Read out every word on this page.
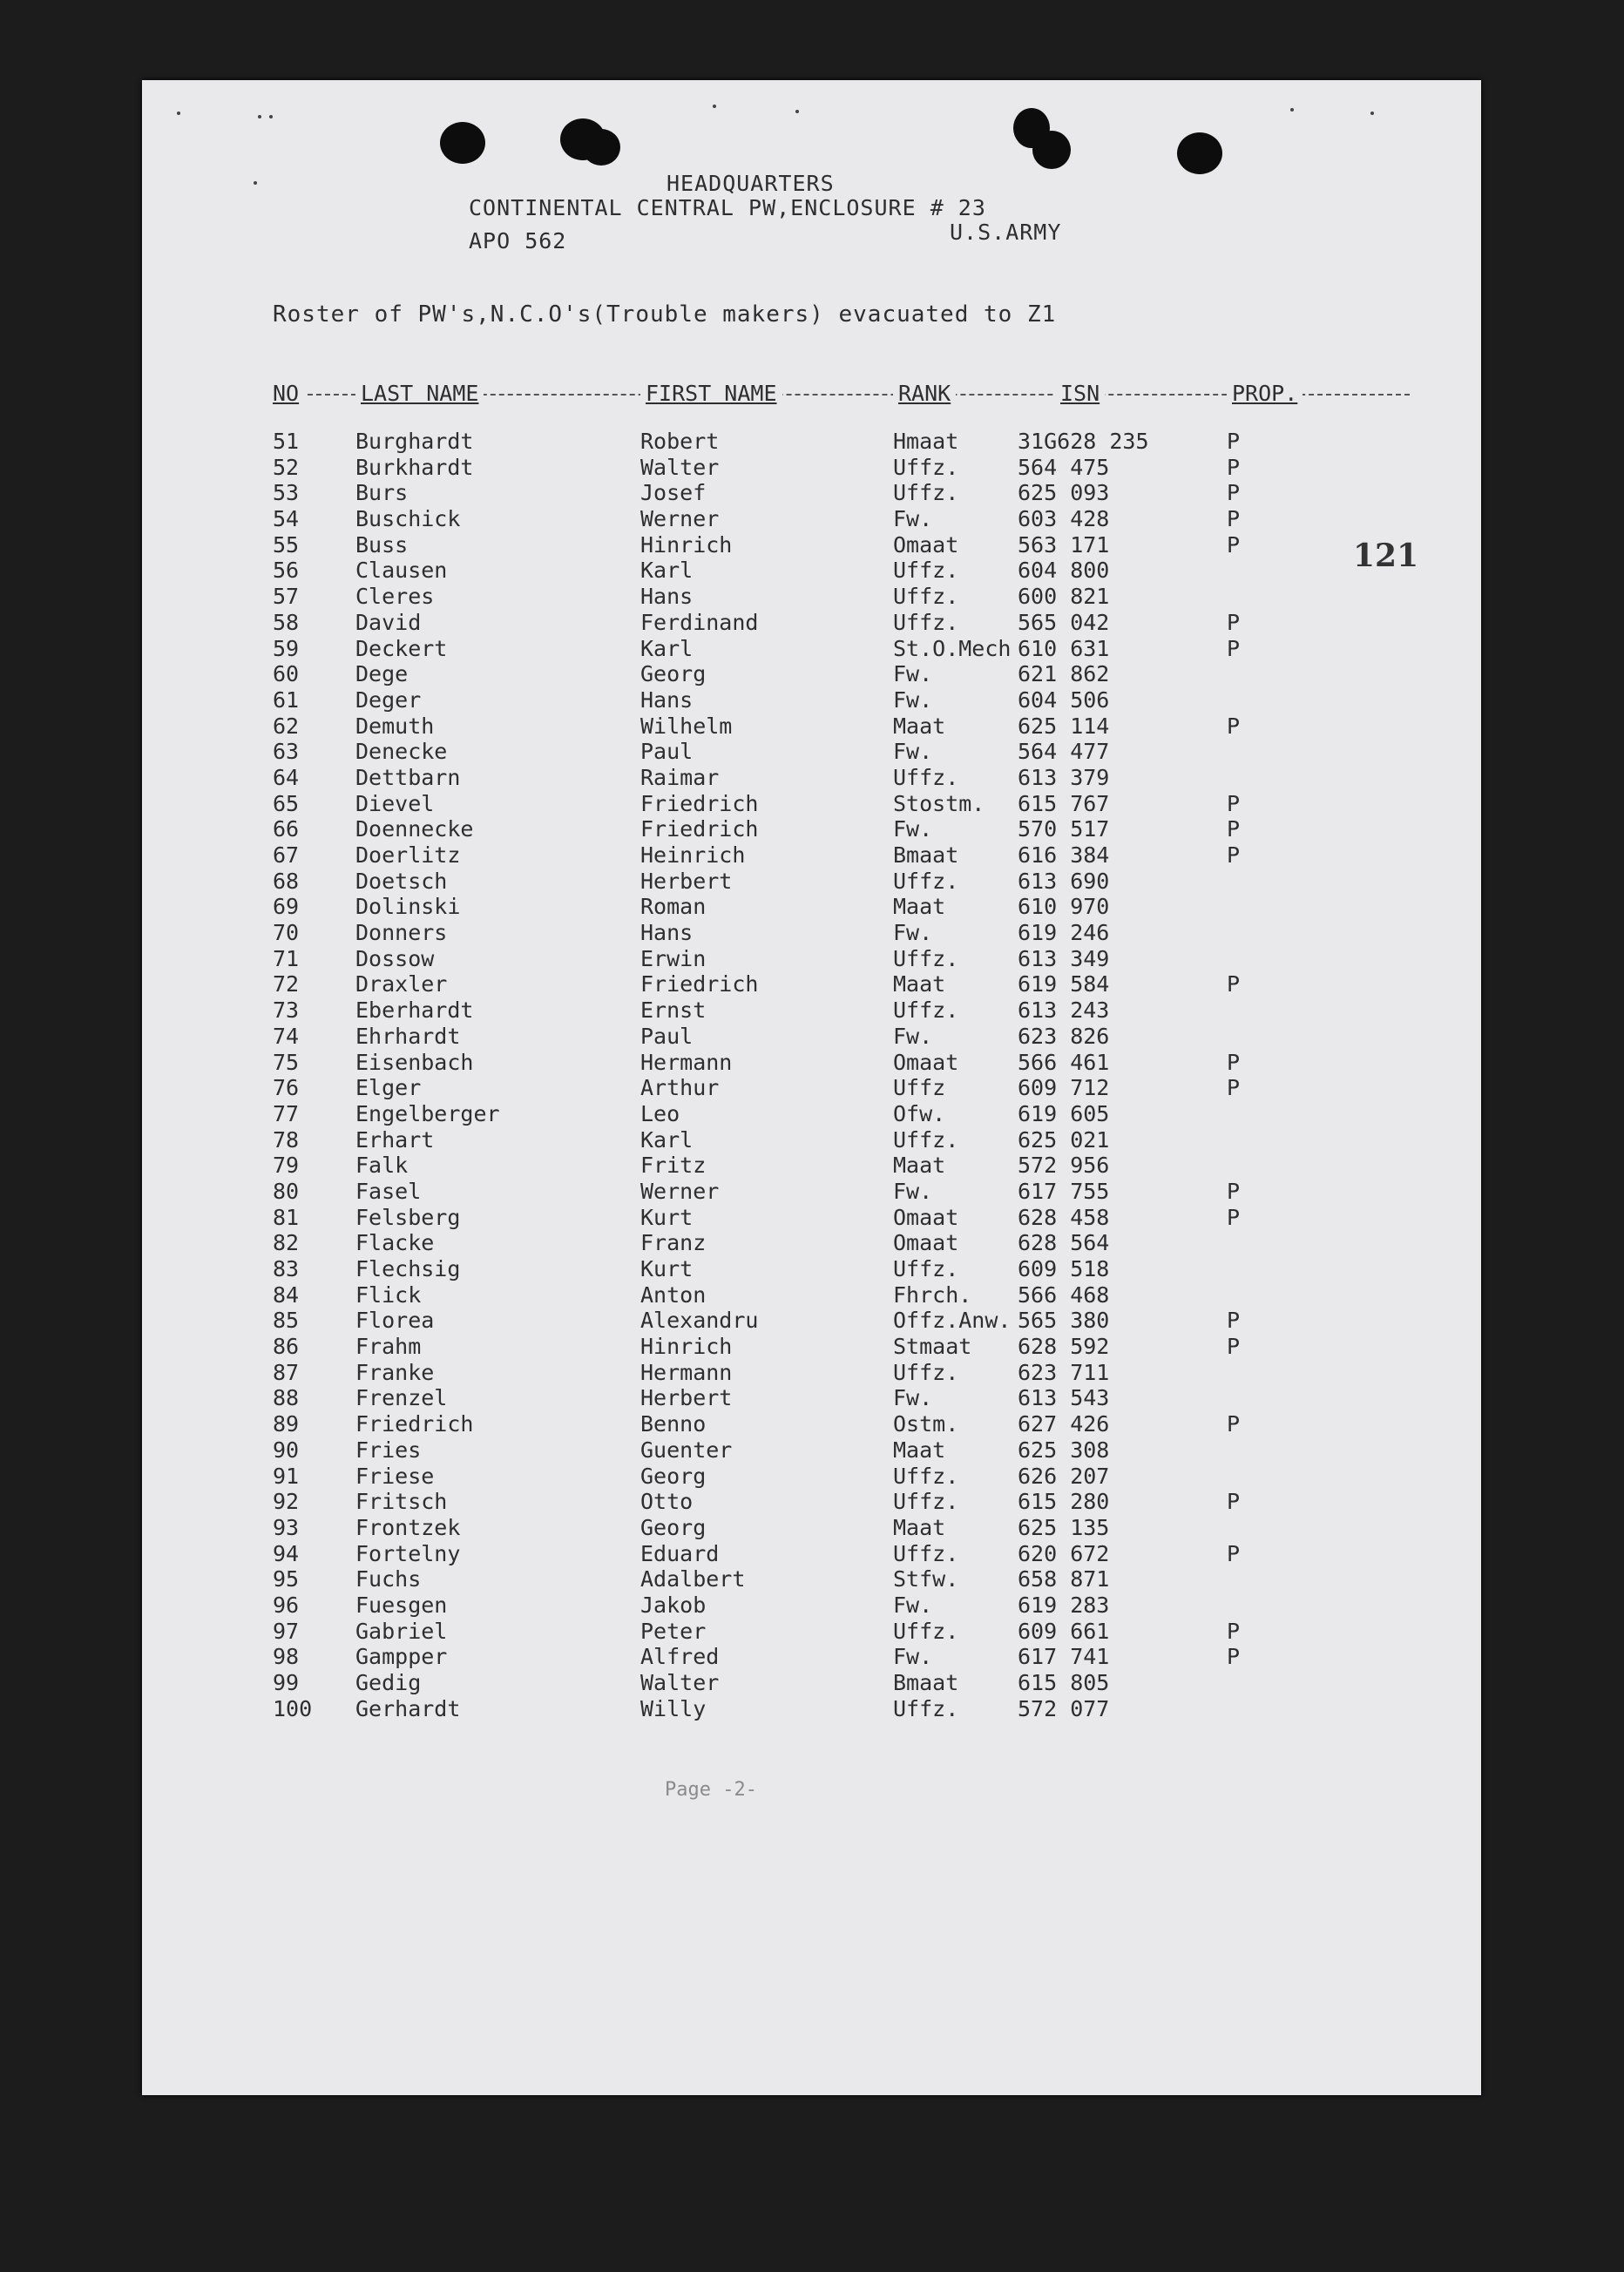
HEADQUARTERS
CONTINENTAL CENTRAL PW,ENCLOSURE # 23
APO 562	U.S.ARMY
Roster of PW's,N.C.O's(Trouble makers) evacuated to Z1
NO	LAST NAME	FIRST NAME	RANK	ISN	PROP.
121
51	Burghardt	Robert	Hmaat	31G628 235	P
52	Burkhardt	Walter	Uffz.	564 475	P
53	Burs	Josef	Uffz.	625 093	P
54	Buschick	Werner	Fw.	603 428	P
55	Buss	Hinrich	Omaat	563 171	P
56	Clausen	Karl	Uffz.	604 800
57	Cleres	Hans	Uffz.	600 821
58	David	Ferdinand	Uffz.	565 042	P
59	Deckert	Karl	St.O.Mech 610 631	P
60	Dege	Georg	Fw.	621 862
61	Deger	Hans	Fw.	604 506
62	Demuth	Wilhelm	Maat	625 114	P
63	Denecke	Paul	Fw.	564 477
64	Dettbarn	Raimar	Uffz.	613 379
65	Dievel	Friedrich	Stostm. 615 767	P
66	Doennecke	Friedrich	Fw.	570 517	P
67	Doerlitz	Heinrich	Bmaat	616 384	P
68	Doetsch	Herbert	Uffz.	613 690
69	Dolinski	Roman	Maat	610 970
70	Donners	Hans	Fw.	619 246
71	Dossow	Erwin	Uffz.	613 349
72	Draxler	Friedrich	Maat	619 584	P
73	Eberhardt	Ernst	Uffz.	613 243
74	Ehrhardt	Paul	Fw.	623 826
75	Eisenbach	Hermann	Omaat	566 461	P
76	Elger	Arthur	Uffz	609 712	P
77	Engelberger	Leo	Ofw.	619 605
78	Erhart	Karl	Uffz.	625 021
79	Falk	Fritz	Maat	572 956
80	Fasel	Werner	Fw.	617 755	P
81	Felsberg	Kurt	Omaat	628 458	P
82	Flacke	Franz	Omaat	628 564
83	Flechsig	Kurt	Uffz.	609 518
84	Flick	Anton	Fhrch. 566 468
85	Florea	Alexandru	Offz.Anw. 565 380	P
86	Frahm	Hinrich	Stmaat 628 592	P
87	Franke	Hermann	Uffz.	623 711
88	Frenzel	Herbert	Fw.	613 543
89	Friedrich	Benno	Ostm.	627 426	P
90	Fries	Guenter	Maat	625 308
91	Friese	Georg	Uffz.	626 207
92	Fritsch	Otto	Uffz.	615 280	P
93	Frontzek	Georg	Maat	625 135
94	Fortelny	Eduard	Uffz.	620 672	P
95	Fuchs	Adalbert	Stfw.	658 871
96	Fuesgen	Jakob	Fw.	619 283
97	Gabriel	Peter	Uffz.	609 661	P
98	Gampper	Alfred	Fw.	617 741	P
99	Gedig	Walter	Bmaat	615 805
100 Gerhardt	Willy	Uffz.	572 077
Page -2-
